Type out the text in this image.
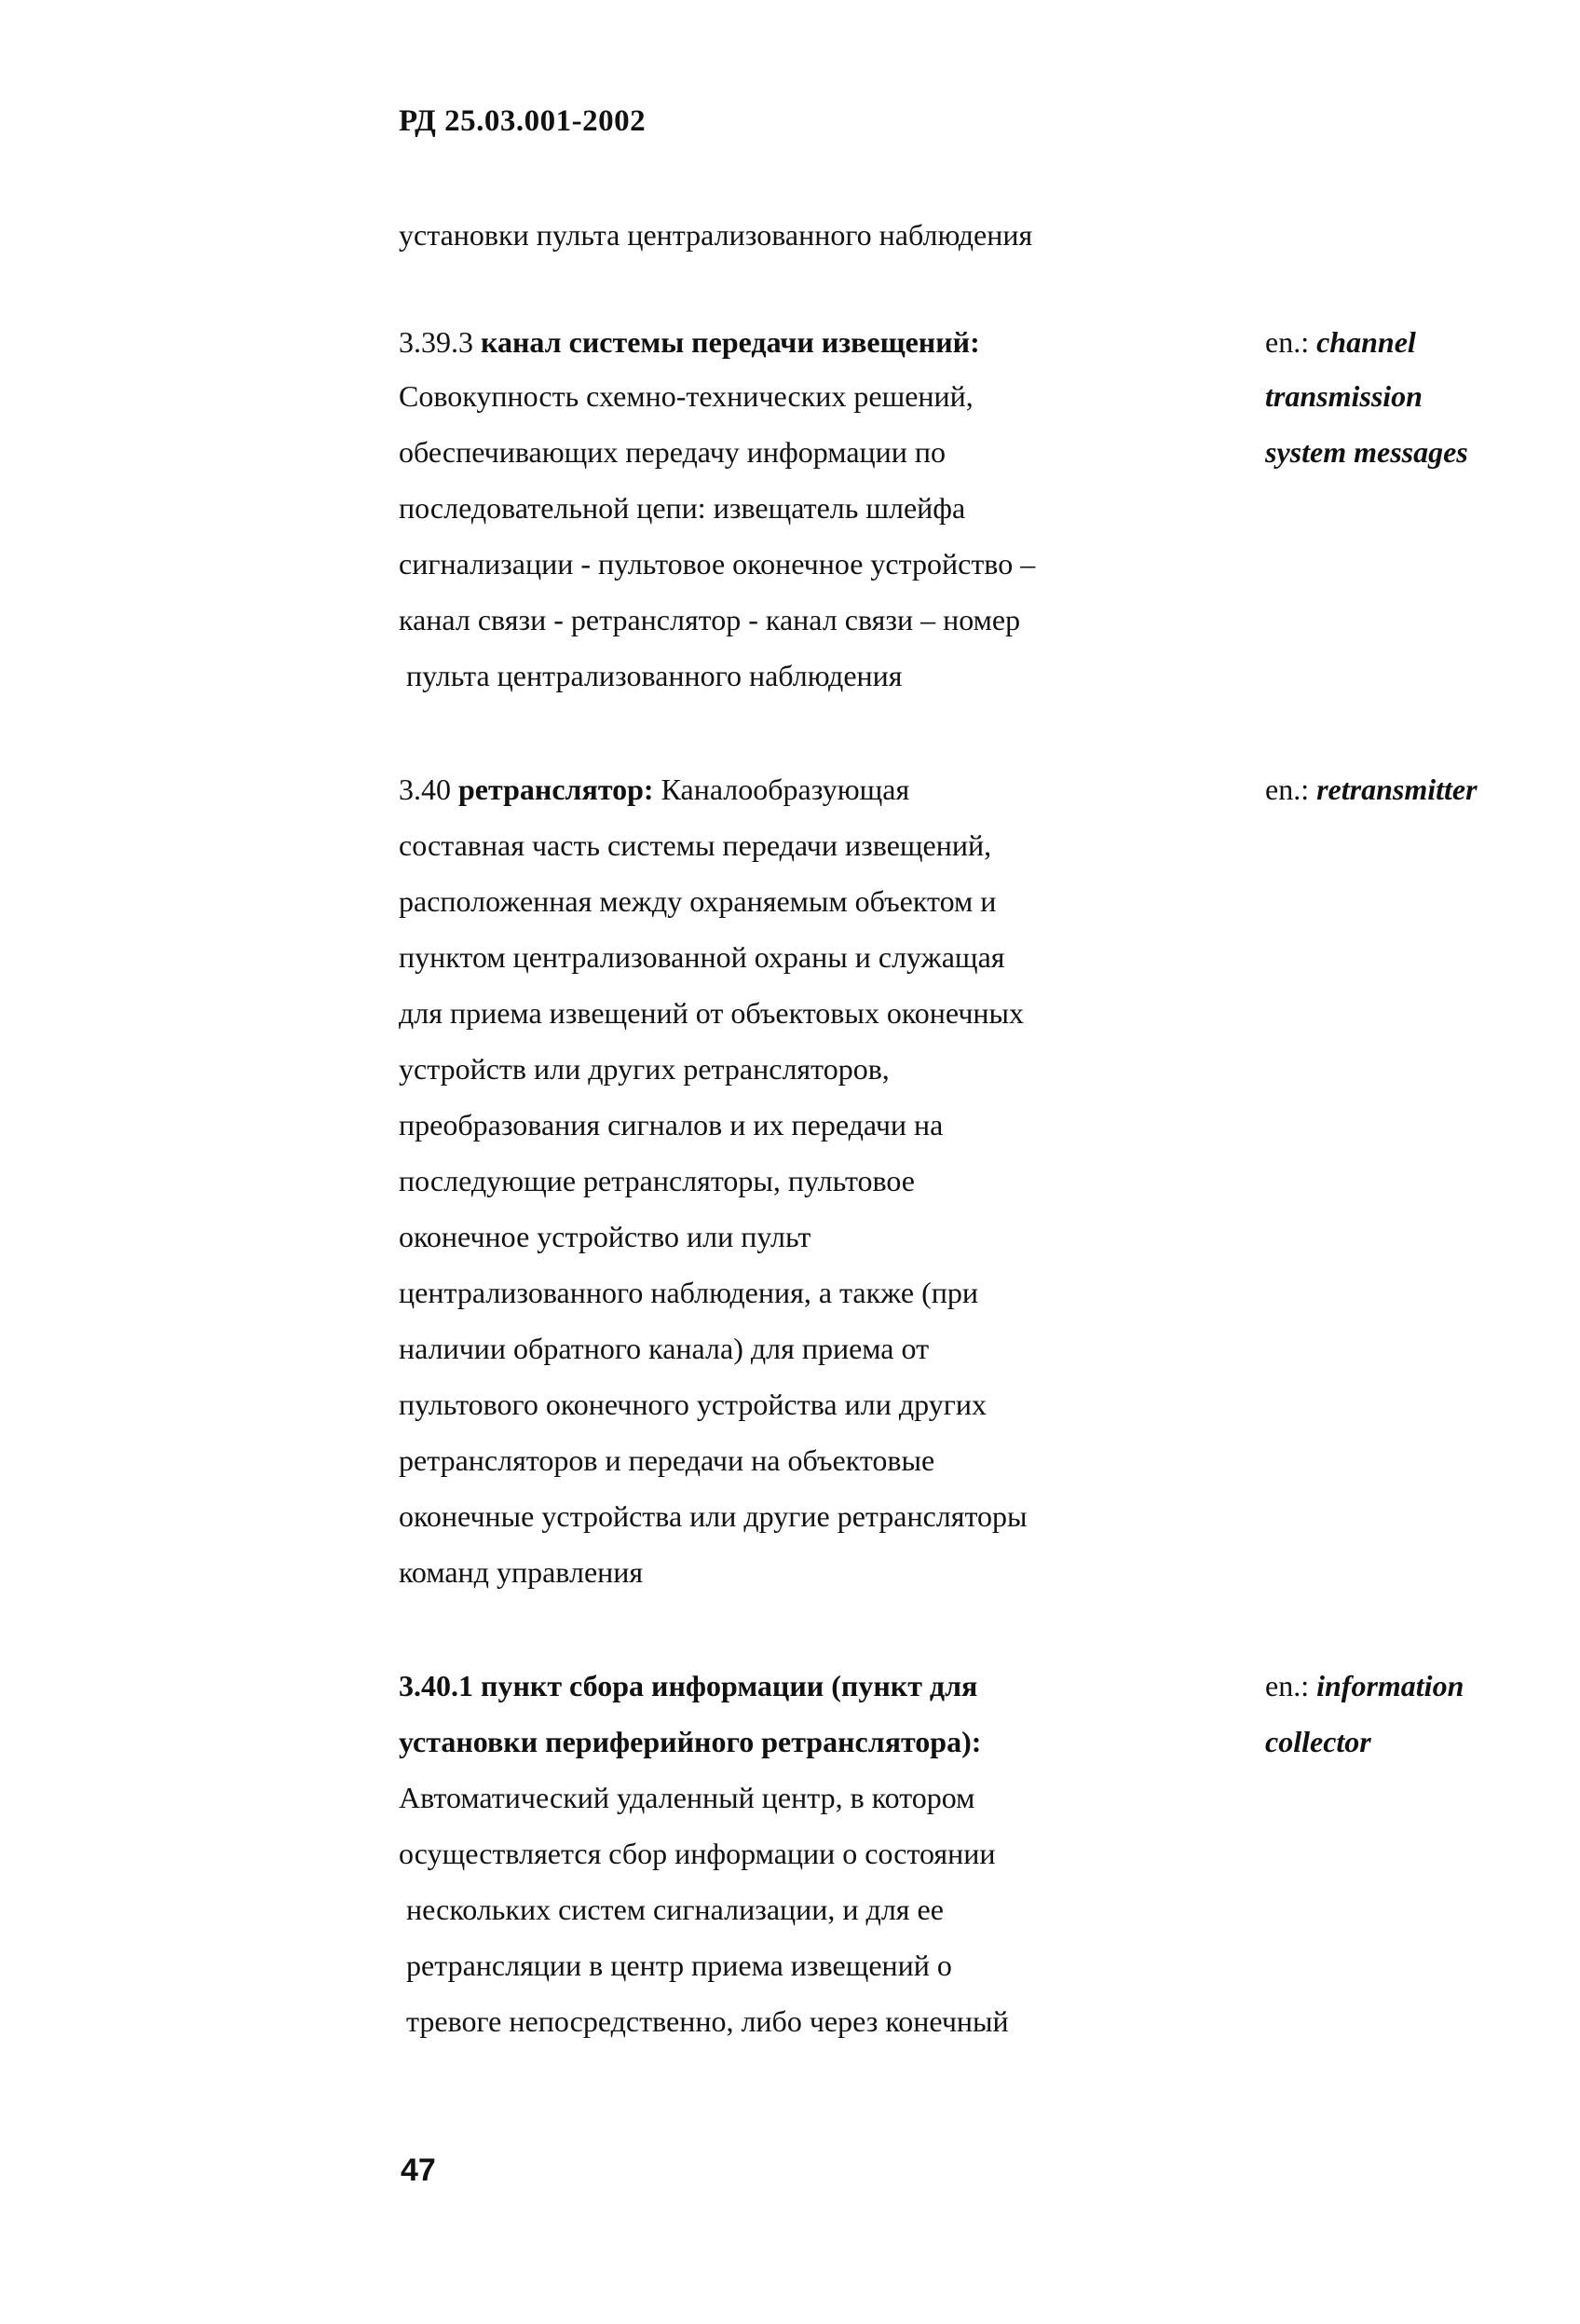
РД 25.03.001-2002
установки пульта централизованного наблюдения
3.39.3 канал системы передачи извещений:
Совокупность схемно-технических решений,
обеспечивающих передачу информации по
последовательной цепи: извещатель шлейфа
сигнализации - пультовое оконечное устройство –
канал связи - ретранслятор - канал связи – номер
пульта централизованного наблюдения
en.: channel
transmission
system messages
3.40 ретранслятор: Каналообразующая
составная часть системы передачи извещений,
расположенная между охраняемым объектом и
пунктом централизованной охраны и служащая
для приема извещений от объектовых оконечных
устройств или других ретрансляторов,
преобразования сигналов и их передачи на
последующие ретрансляторы, пультовое
оконечное устройство или пульт
централизованного наблюдения, а также (при
наличии обратного канала) для приема от
пультового оконечного устройства или других
ретрансляторов и передачи на объектовые
оконечные устройства или другие ретрансляторы
команд управления
en.: retransmitter
3.40.1 пункт сбора информации (пункт для
установки периферийного ретранслятора):
Автоматический удаленный центр, в котором
осуществляется сбор информации о состоянии
нескольких систем сигнализации, и для ее
ретрансляции в центр приема извещений о
тревоге непосредственно, либо через конечный
en.: information
collector
47
